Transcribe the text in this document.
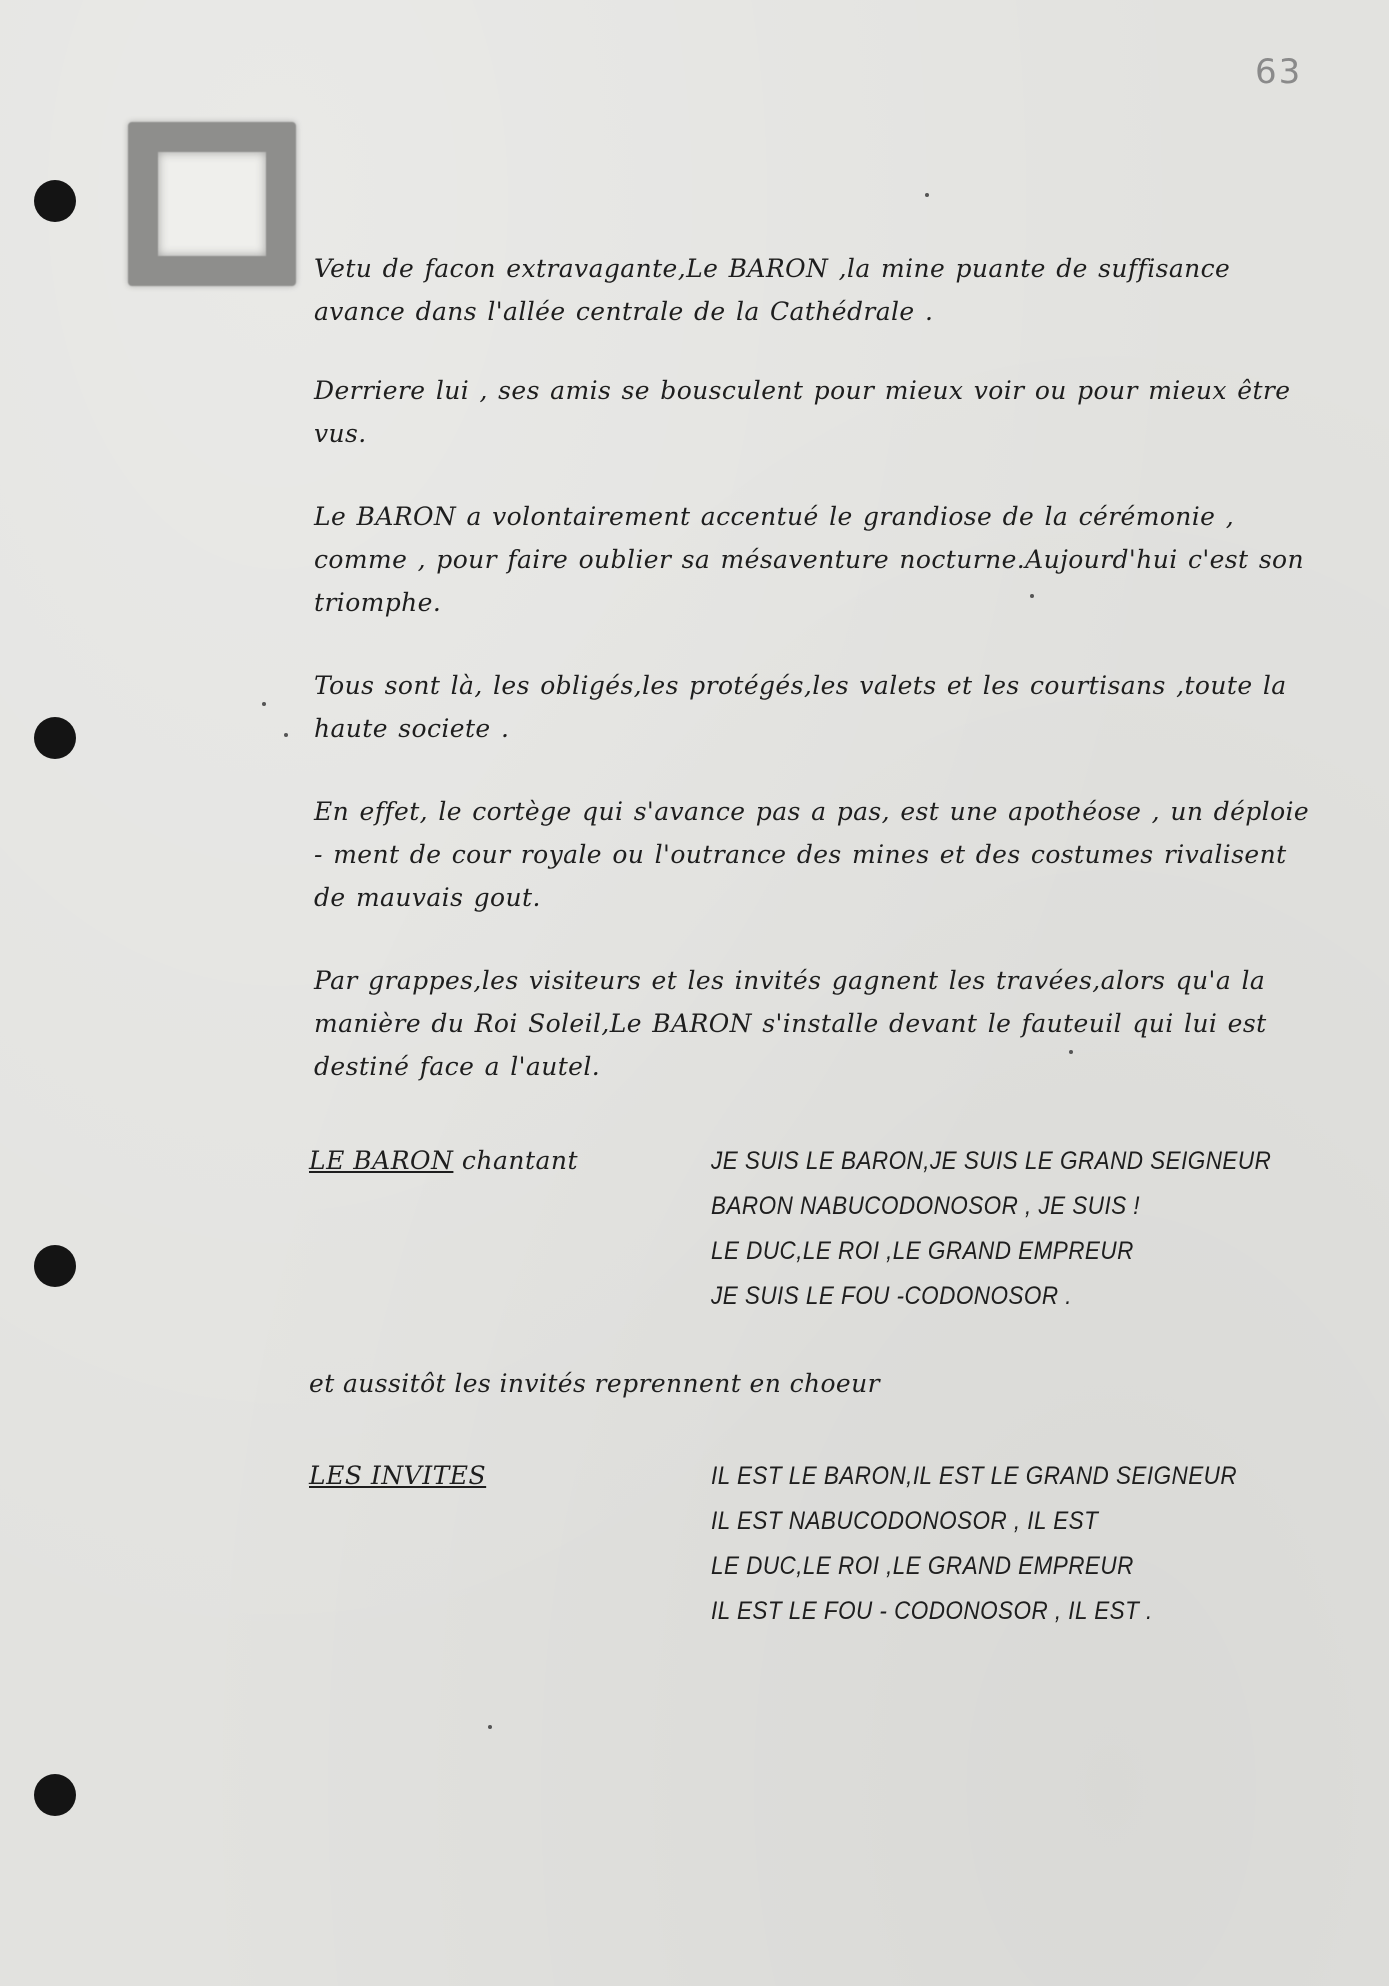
63

Vetu de facon extravagante,Le BARON ,la mine puante de suffisance avance dans l'allée centrale de la Cathédrale .

Derriere lui , ses amis se bousculent pour mieux voir ou pour mieux être vus.

Le BARON a volontairement accentué le grandiose de la cérémonie , comme , pour faire oublier sa mésaventure nocturne.Aujourd'hui c'est son triomphe.

Tous sont là, les obligés,les protégés,les valets et les courtisans ,toute la haute societe .

En effet, le cortège qui s'avance pas a pas, est une apothéose , un déploie - ment de cour royale ou l'outrance des mines et des costumes rivalisent de mauvais gout.

Par grappes,les visiteurs et les invités gagnent les travées,alors qu'a la manière du Roi Soleil,Le BARON s'installe devant le fauteuil qui lui est destiné face a l'autel.

LE BARON chantant	JE SUIS LE BARON,JE SUIS LE GRAND SEIGNEUR
BARON NABUCODONOSOR , JE SUIS !
LE DUC,LE ROI ,LE GRAND EMPREUR
JE SUIS LE FOU -CODONOSOR .
et aussitôt les invités reprennent en choeur
LES INVITES	IL EST LE BARON,IL EST LE GRAND SEIGNEUR
IL EST NABUCODONOSOR , IL EST
LE DUC,LE ROI ,LE GRAND EMPREUR
IL EST LE FOU - CODONOSOR , IL EST .
